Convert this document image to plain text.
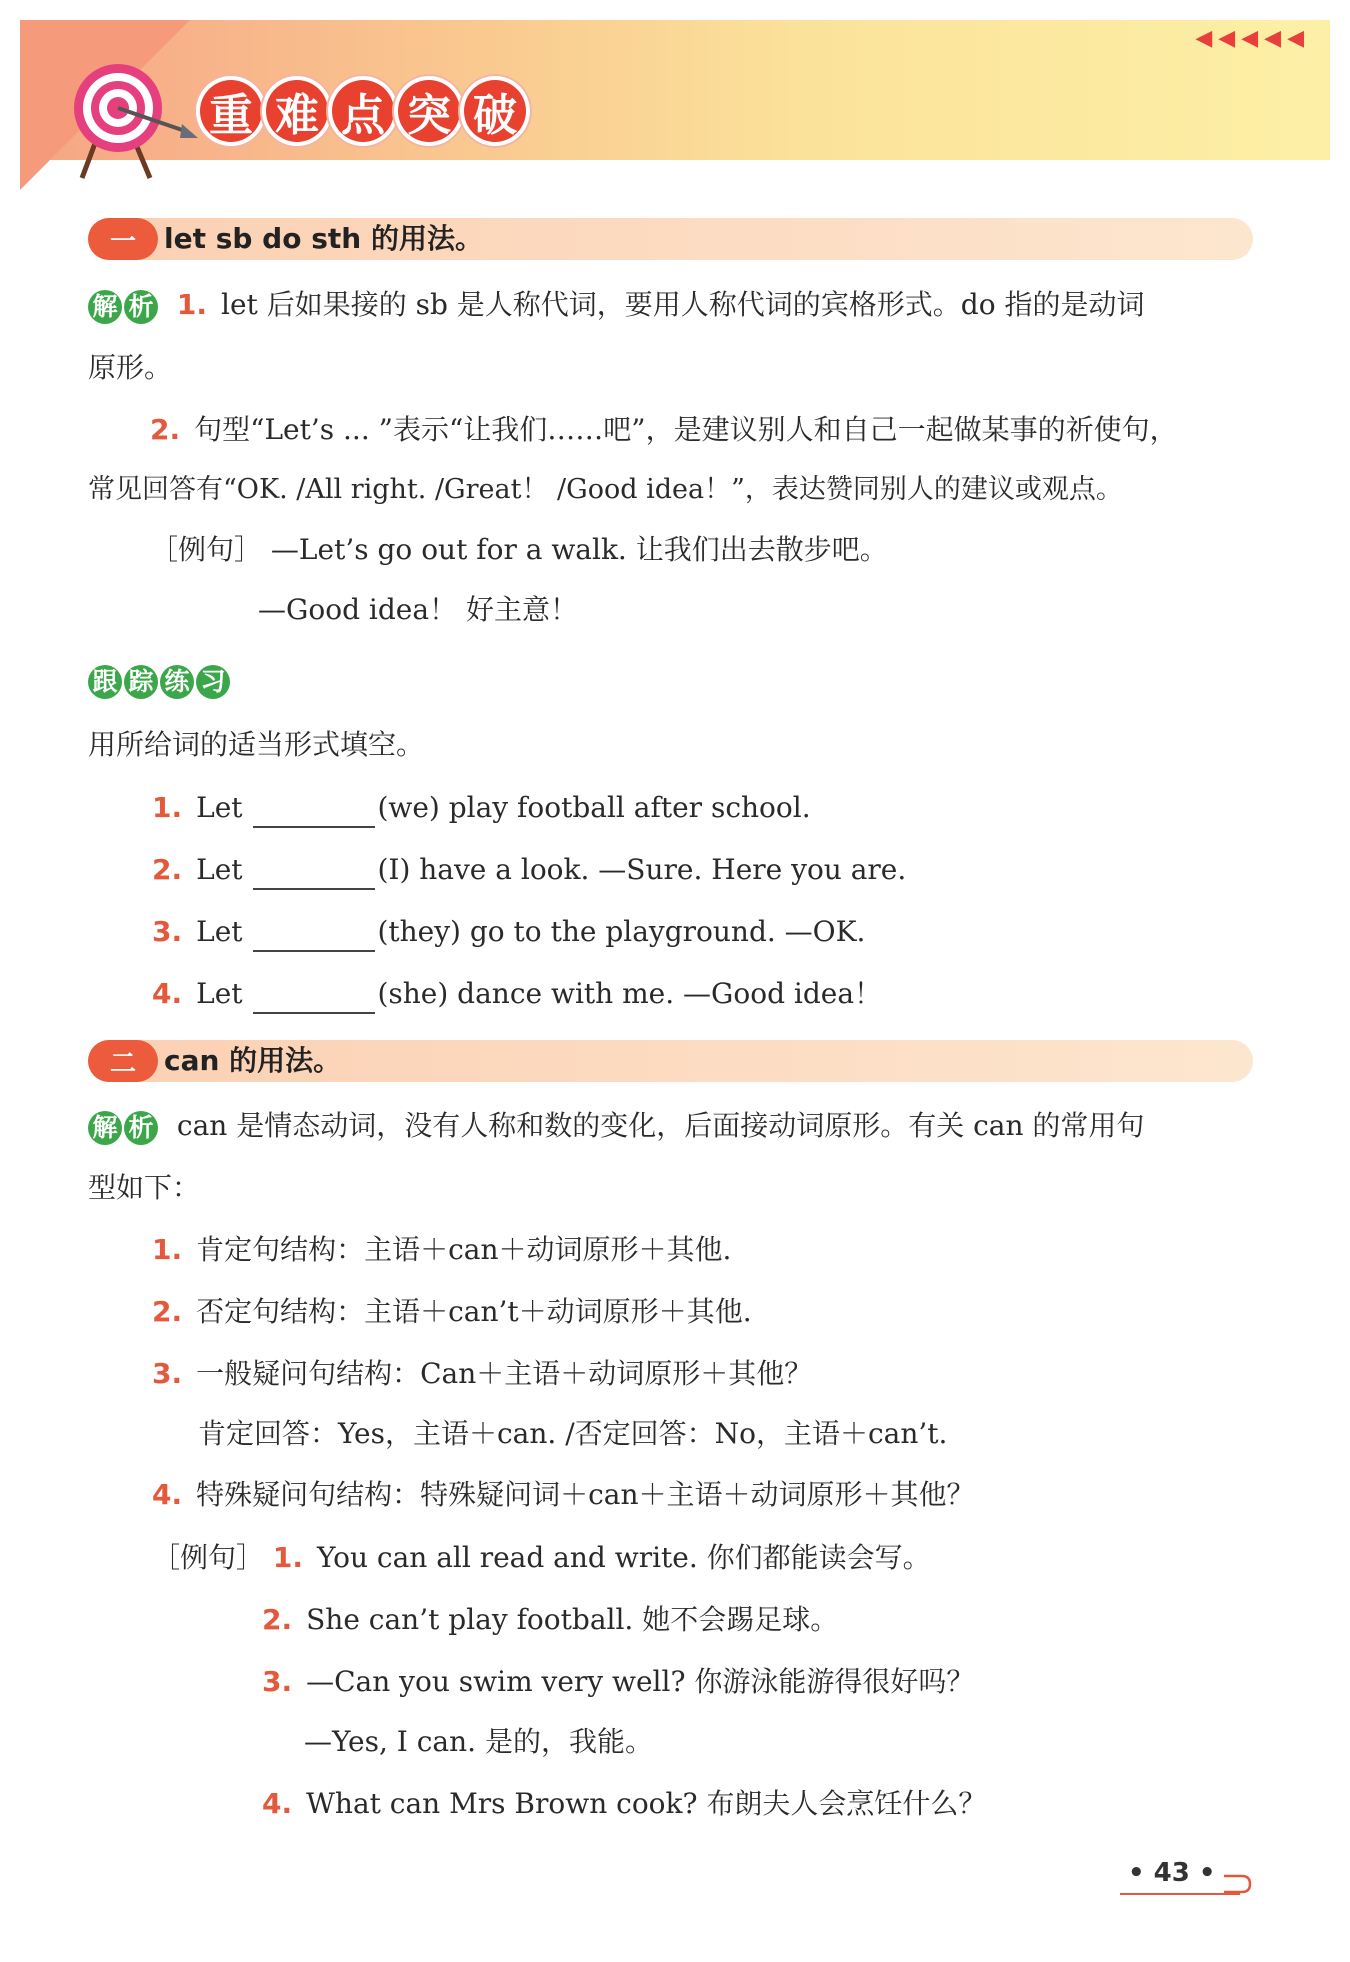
◀◀◀◀◀
重 难 点 突 破
一	let sb do sth 的用法。
解 析 1. let 后如果接的 sb 是人称代词，要用人称代词的宾格形式。do 指的是动词
原形。
2. 句型“Let’s ... ”表示“让我们……吧”，是建议别人和自己一起做某事的祈使句，
常见回答有“OK. /All right. /Great！ /Good idea！”，表达赞同别人的建议或观点。
［例句］ —Let’s go out for a walk. 让我们出去散步吧。
—Good idea！ 好主意！
跟 踪 练 习
用所给词的适当形式填空。
1. Let	(we) play football after school.
2. Let	(I) have a look. —Sure. Here you are.
3. Let	(they) go to the playground. —OK.
4. Let	(she) dance with me. —Good idea！
二	can 的用法。
解 析 can 是情态动词，没有人称和数的变化，后面接动词原形。有关 can 的常用句
型如下：
1. 肯定句结构：主语＋can＋动词原形＋其他.
2. 否定句结构：主语＋can’t＋动词原形＋其他.
3. 一般疑问句结构：Can＋主语＋动词原形＋其他？
肯定回答：Yes，主语＋can. /否定回答：No，主语＋can’t.
4. 特殊疑问句结构：特殊疑问词＋can＋主语＋动词原形＋其他？
［例句］ 1. You can all read and write. 你们都能读会写。
2. She can’t play football. 她不会踢足球。
3. —Can you swim very well? 你游泳能游得很好吗？
—Yes, I can. 是的，我能。
4. What can Mrs Brown cook? 布朗夫人会烹饪什么？
• 43 •
